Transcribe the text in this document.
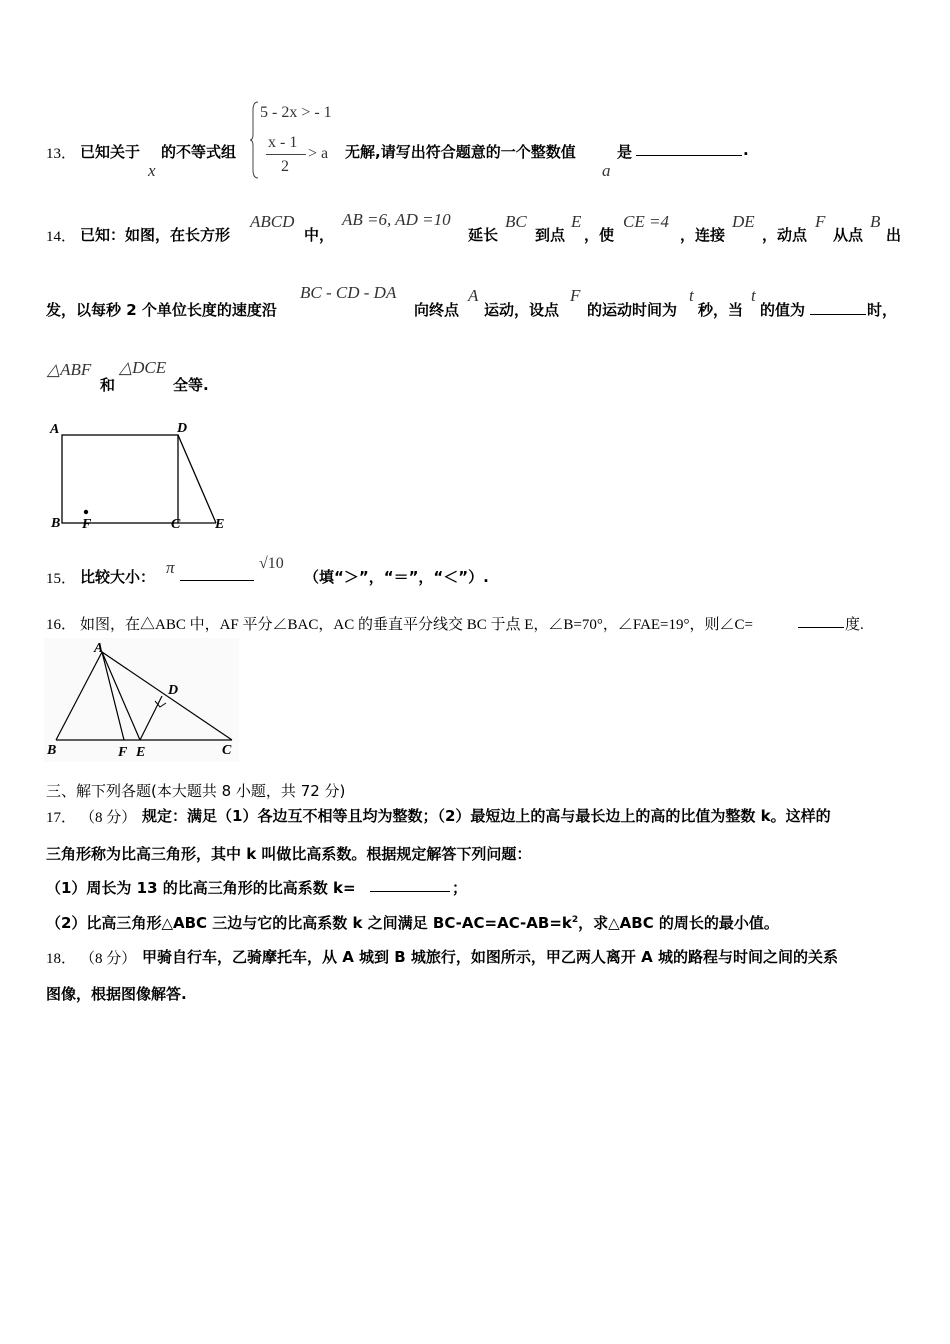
13． 已知关于
x
的不等式组
5 - 2x > - 1
x - 1
2
> a 无解,请写出符合题意的一个整数值
a
是	.
14． 已知：如图，在长方形
ABCD
中，
AB =6, AD =10
延长
BC
到点
E
，使
CE =4
，连接
DE
，动点
F
从点
B
出
发，以每秒 2 个单位长度的速度沿
BC - CD - DA
向终点
A
运动，设点
F
的运动时间为
t
秒，当
t
的值为	时，
△ABF
和
△DCE
全等.
A	D
B F	C E
15． 比较大小： π	√10
（填“＞”，“＝”，“＜”）.
16． 如图，在△ABC 中，AF 平分∠BAC，AC 的垂直平分线交 BC 于点 E，∠B=70°，∠FAE=19°，则∠C=	度.
A
D
B	F E	C
三、解下列各题(本大题共 8 小题，共 72 分)
17． （8 分） 规定：满足（1）各边互不相等且均为整数；（2）最短边上的高与最长边上的高的比值为整数 k。这样的
三角形称为比高三角形，其中 k 叫做比高系数。根据规定解答下列问题：
（1）周长为 13 的比高三角形的比高系数 k=	；
（2）比高三角形△ABC 三边与它的比高系数 k 之间满足 $BC-AC=AC-AB=k^2$，求△ABC 的周长的最小值。
18． （8 分） 甲骑自行车，乙骑摩托车，从 A 城到 B 城旅行，如图所示，甲乙两人离开 A 城的路程与时间之间的关系
图像，根据图像解答.
